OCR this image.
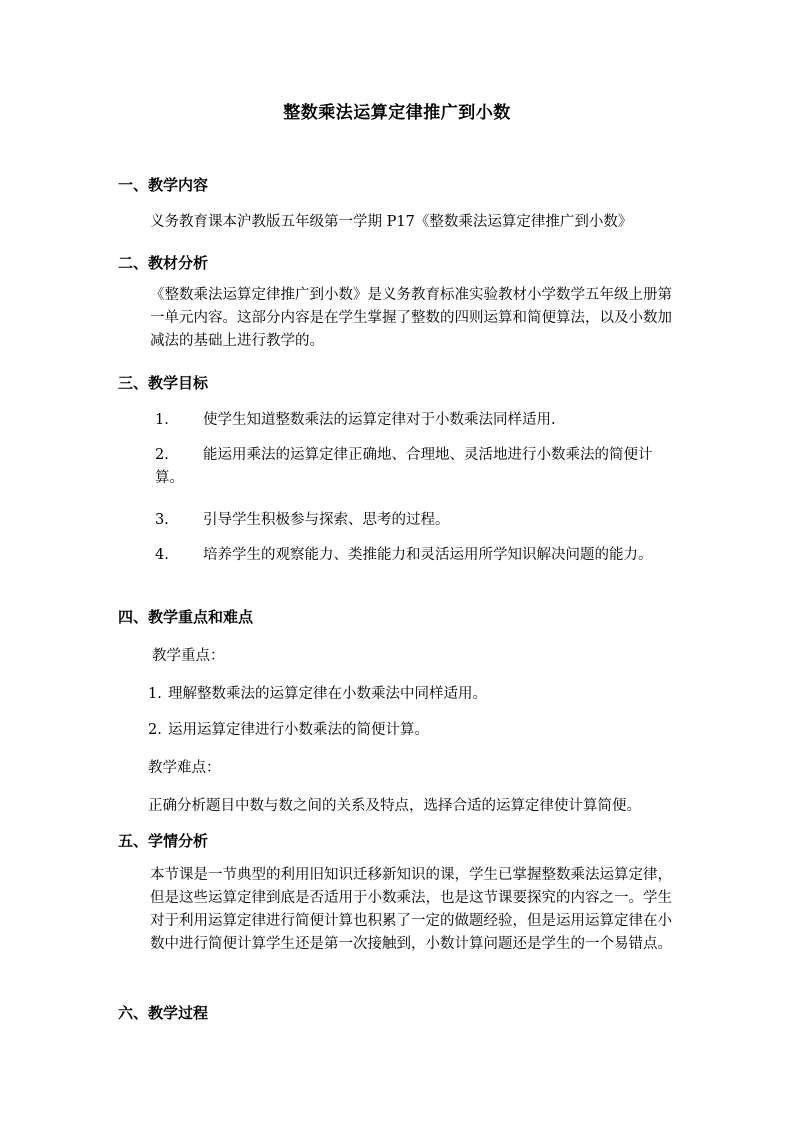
整数乘法运算定律推广到小数
一、教学内容

义务教育课本沪教版五年级第一学期 P17《整数乘法运算定律推广到小数》

二、教材分析

《整数乘法运算定律推广到小数》是义务教育标准实验教材小学数学五年级上册第一单元内容。这部分内容是在学生掌握了整数的四则运算和简便算法，以及小数加减法的基础上进行教学的。

三、教学目标
1. 使学生知道整数乘法的运算定律对于小数乘法同样适用.
2. 能运用乘法的运算定律正确地、合理地、灵活地进行小数乘法的简便计算。
3. 引导学生积极参与探索、思考的过程。
4. 培养学生的观察能力、类推能力和灵活运用所学知识解决问题的能力。
四、教学重点和难点

教学重点：

1. 理解整数乘法的运算定律在小数乘法中同样适用。
2. 运用运算定律进行小数乘法的简便计算。

教学难点：

正确分析题目中数与数之间的关系及特点，选择合适的运算定律使计算简便。

五、学情分析

本节课是一节典型的利用旧知识迁移新知识的课，学生已掌握整数乘法运算定律，但是这些运算定律到底是否适用于小数乘法，也是这节课要探究的内容之一。学生对于利用运算定律进行简便计算也积累了一定的做题经验，但是运用运算定律在小数中进行简便计算学生还是第一次接触到，小数计算问题还是学生的一个易错点。

六、教学过程
